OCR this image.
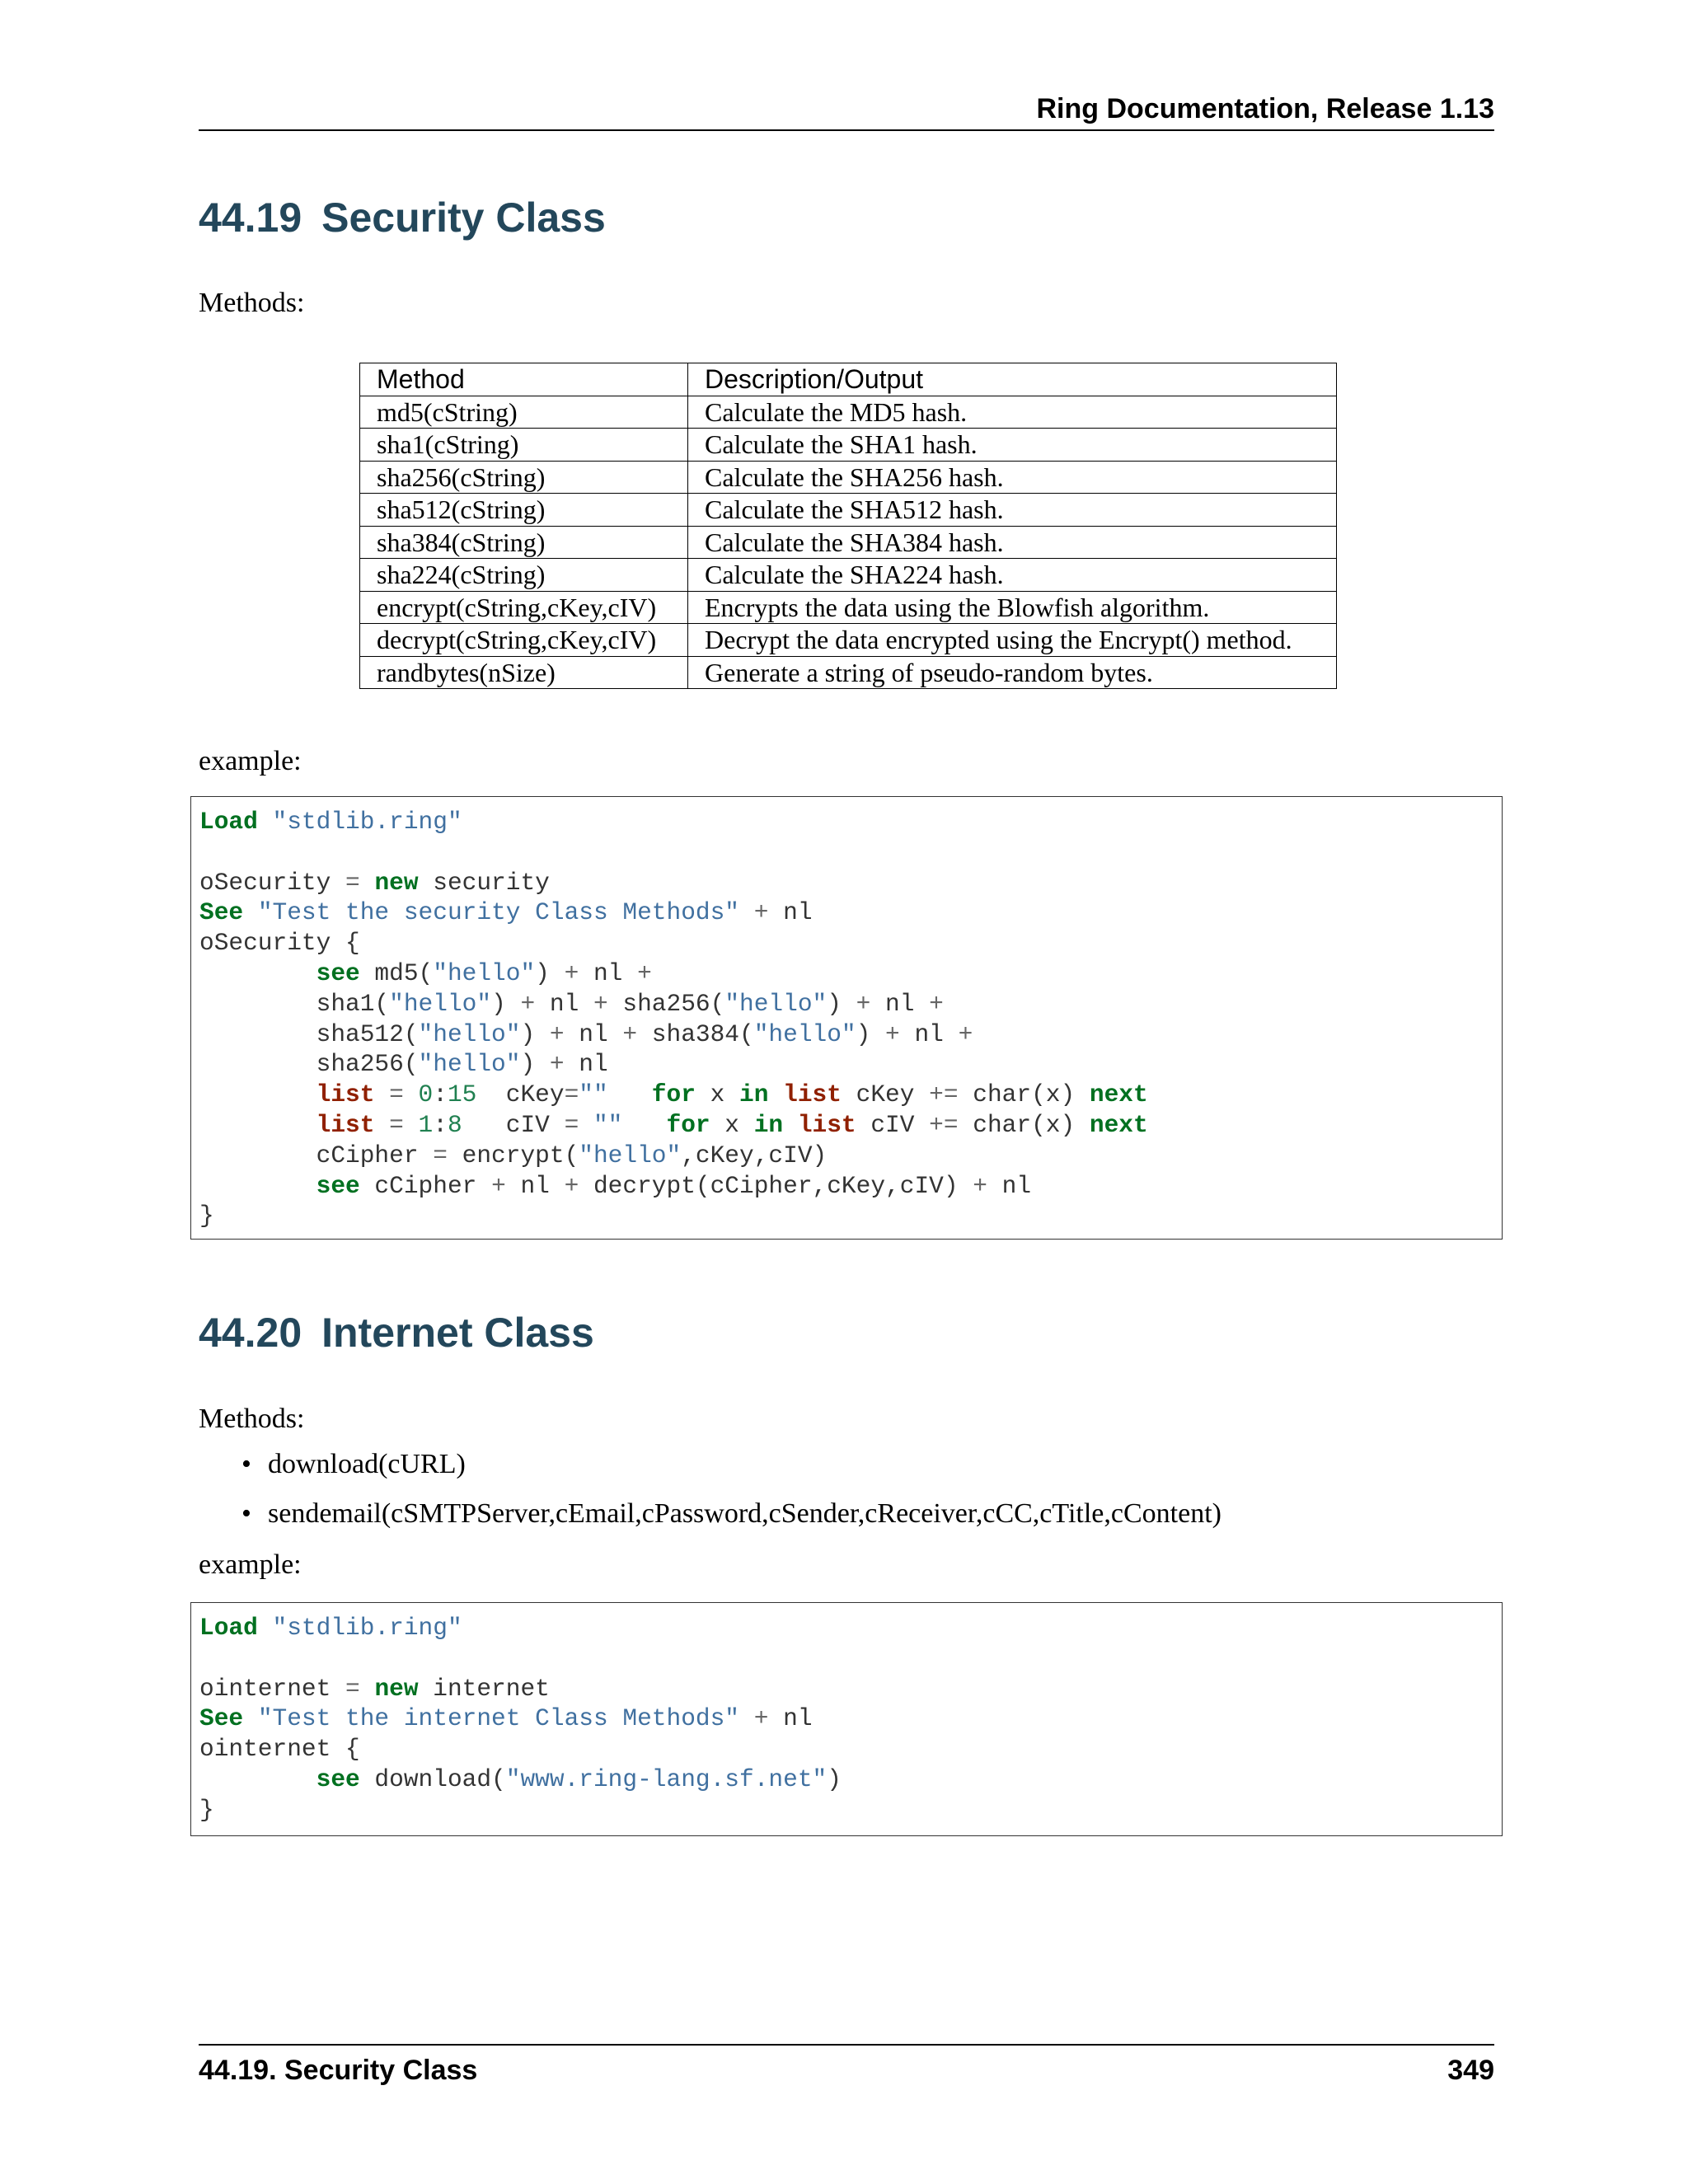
Ring Documentation, Release 1.13
44.19 Security Class

Methods:

Method	Description/Output
md5(cString)	Calculate the MD5 hash.
sha1(cString)	Calculate the SHA1 hash.
sha256(cString)	Calculate the SHA256 hash.
sha512(cString)	Calculate the SHA512 hash.
sha384(cString)	Calculate the SHA384 hash.
sha224(cString)	Calculate the SHA224 hash.
encrypt(cString,cKey,cIV)	Encrypts the data using the Blowfish algorithm.
decrypt(cString,cKey,cIV)	Decrypt the data encrypted using the Encrypt() method.
randbytes(nSize)	Generate a string of pseudo-random bytes.

example:

Load "stdlib.ring"

oSecurity = new security
See "Test the security Class Methods" + nl
oSecurity {
see md5("hello") + nl +
sha1("hello") + nl + sha256("hello") + nl +
sha512("hello") + nl + sha384("hello") + nl +
sha256("hello") + nl
list = 0:15  cKey="" for x in list cKey += char(x) next
list = 1:8   cIV = "" for x in list cIV += char(x) next
cCipher = encrypt("hello",cKey,cIV)
see cCipher + nl + decrypt(cCipher,cKey,cIV) + nl
}
44.20 Internet Class

Methods:

• download(cURL)
• sendemail(cSMTPServer,cEmail,cPassword,cSender,cReceiver,cCC,cTitle,cContent)

example:

Load "stdlib.ring"

ointernet = new internet
See "Test the internet Class Methods" + nl
ointernet {
see download("www.ring-lang.sf.net")
}
44.19. Security Class	349
